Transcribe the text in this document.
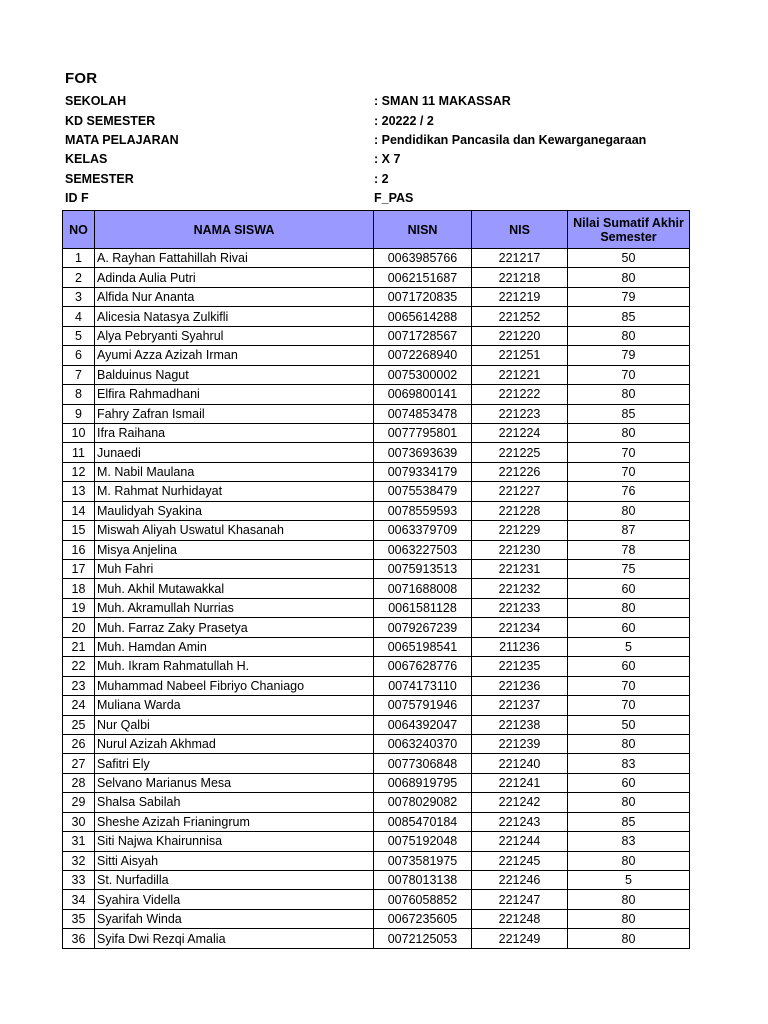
FOR
SEKOLAH	: SMAN 11 MAKASSAR
KD SEMESTER	: 20222 / 2
MATA PELAJARAN	: Pendidikan Pancasila dan Kewarganegaraan
KELAS	: X 7
SEMESTER	: 2
ID F	F_PAS
NO	NAMA SISWA	NISN	NIS	Nilai Sumatif Akhir Semester
1	A. Rayhan Fattahillah Rivai	0063985766	221217	50
2	Adinda Aulia Putri	0062151687	221218	80
3	Alfida Nur Ananta	0071720835	221219	79
4	Alicesia Natasya Zulkifli	0065614288	221252	85
5	Alya Pebryanti Syahrul	0071728567	221220	80
6	Ayumi Azza Azizah Irman	0072268940	221251	79
7	Balduinus Nagut	0075300002	221221	70
8	Elfira Rahmadhani	0069800141	221222	80
9	Fahry Zafran Ismail	0074853478	221223	85
10	Ifra Raihana	0077795801	221224	80
11	Junaedi	0073693639	221225	70
12	M. Nabil Maulana	0079334179	221226	70
13	M. Rahmat Nurhidayat	0075538479	221227	76
14	Maulidyah Syakina	0078559593	221228	80
15	Miswah Aliyah Uswatul Khasanah	0063379709	221229	87
16	Misya Anjelina	0063227503	221230	78
17	Muh Fahri	0075913513	221231	75
18	Muh. Akhil Mutawakkal	0071688008	221232	60
19	Muh. Akramullah Nurrias	0061581128	221233	80
20	Muh. Farraz Zaky Prasetya	0079267239	221234	60
21	Muh. Hamdan Amin	0065198541	211236	5
22	Muh. Ikram Rahmatullah H.	0067628776	221235	60
23	Muhammad Nabeel Fibriyo Chaniago	0074173110	221236	70
24	Muliana Warda	0075791946	221237	70
25	Nur Qalbi	0064392047	221238	50
26	Nurul Azizah Akhmad	0063240370	221239	80
27	Safitri Ely	0077306848	221240	83
28	Selvano Marianus Mesa	0068919795	221241	60
29	Shalsa Sabilah	0078029082	221242	80
30	Sheshe Azizah Frianingrum	0085470184	221243	85
31	Siti Najwa Khairunnisa	0075192048	221244	83
32	Sitti Aisyah	0073581975	221245	80
33	St. Nurfadilla	0078013138	221246	5
34	Syahira Vidella	0076058852	221247	80
35	Syarifah Winda	0067235605	221248	80
36	Syifa Dwi Rezqi Amalia	0072125053	221249	80
